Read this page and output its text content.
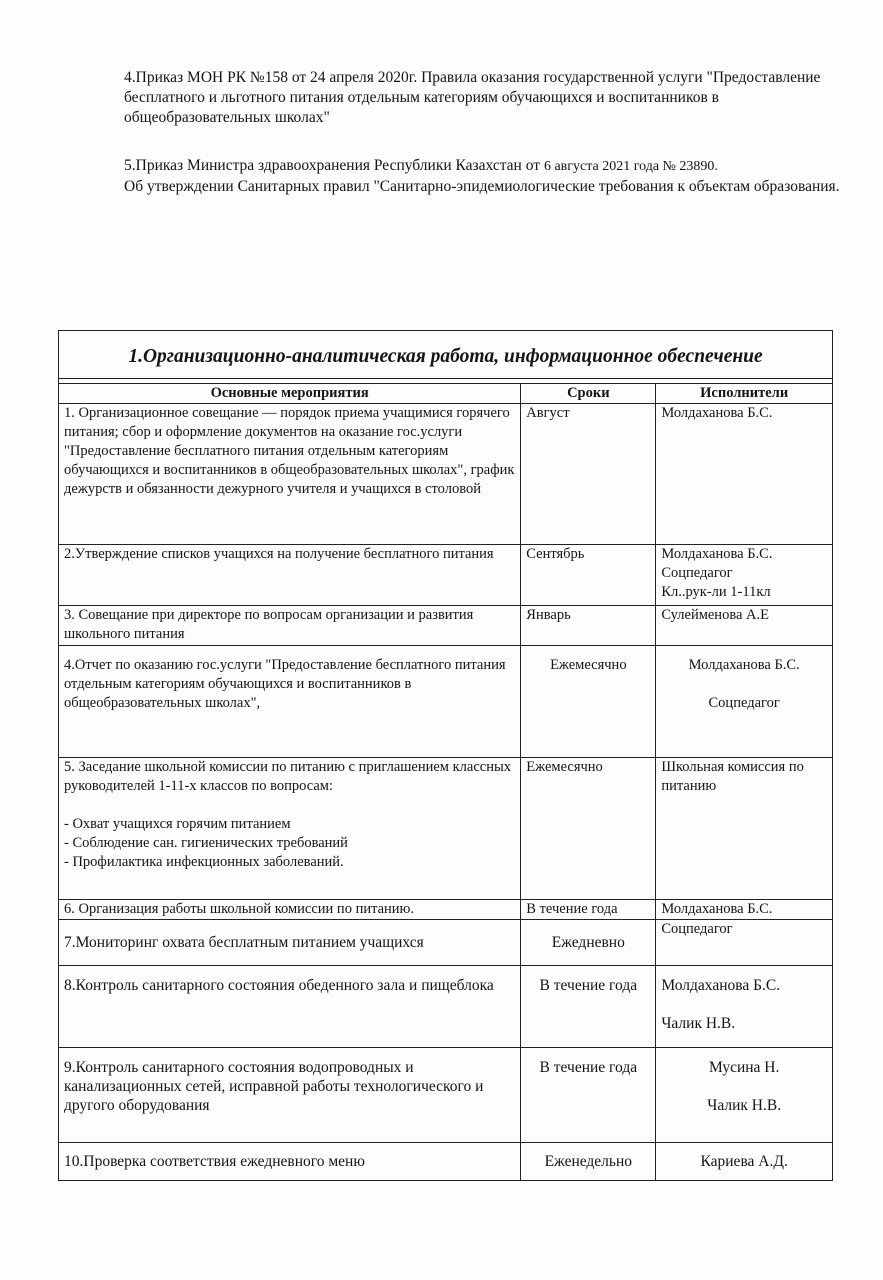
4.Приказ МОН РК №158 от 24 апреля 2020г. Правила оказания государственной услуги "Предоставление бесплатного и льготного питания отдельным категориям обучающихся и воспитанников в общеобразовательных школах"

5.Приказ Министра здравоохранения Республики Казахстан от 6 августа 2021 года № 23890.

Об утверждении Санитарных правил "Санитарно-эпидемиологические требования к объектам образования.

1.Организационно-аналитическая работа, информационное обеспечение		

Основные мероприятия	Сроки	Исполнители
1. Организационное совещание — порядок приема учащимися горячего питания; сбор и оформление документов на оказание гос.услуги "Предоставление бесплатного питания отдельным категориям обучающихся и воспитанников в общеобразовательных школах", график дежурств и обязанности дежурного учителя и учащихся в столовой	Август	Молдаханова Б.С.
2.Утверждение списков учащихся на получение бесплатного питания	Сентябрь	Молдаханова Б.С.
Соцпедагог
Кл..рук-ли 1-11кл
3. Совещание при директоре по вопросам организации и развития школьного питания	Январь	Сулейменова А.Е
4.Отчет по оказанию гос.услуги "Предоставление бесплатного питания отдельным категориям обучающихся и воспитанников в общеобразовательных школах",	Ежемесячно	Молдаханова Б.С.

Соцпедагог
5. Заседание школьной комиссии по питанию с приглашением классных руководителей 1-11-х классов по вопросам:
- Охват учащихся горячим питанием
- Соблюдение сан. гигиенических требований
- Профилактика инфекционных заболеваний.	Ежемесячно	Школьная комиссия по питанию
6. Организация работы школьной комиссии по питанию.	В течение года	Молдаханова Б.С.
7.Мониторинг охвата бесплатным питанием учащихся	Ежедневно	Соцпедагог
8.Контроль санитарного состояния обеденного зала и пищеблока	В течение года	Молдаханова Б.С.

Чалик Н.В.
9.Контроль санитарного состояния водопроводных и канализационных сетей, исправной работы технологического и другого оборудования	В течение года	Мусина Н.

Чалик Н.В.
10.Проверка соответствия ежедневного меню	Еженедельно	Кариева А.Д.
